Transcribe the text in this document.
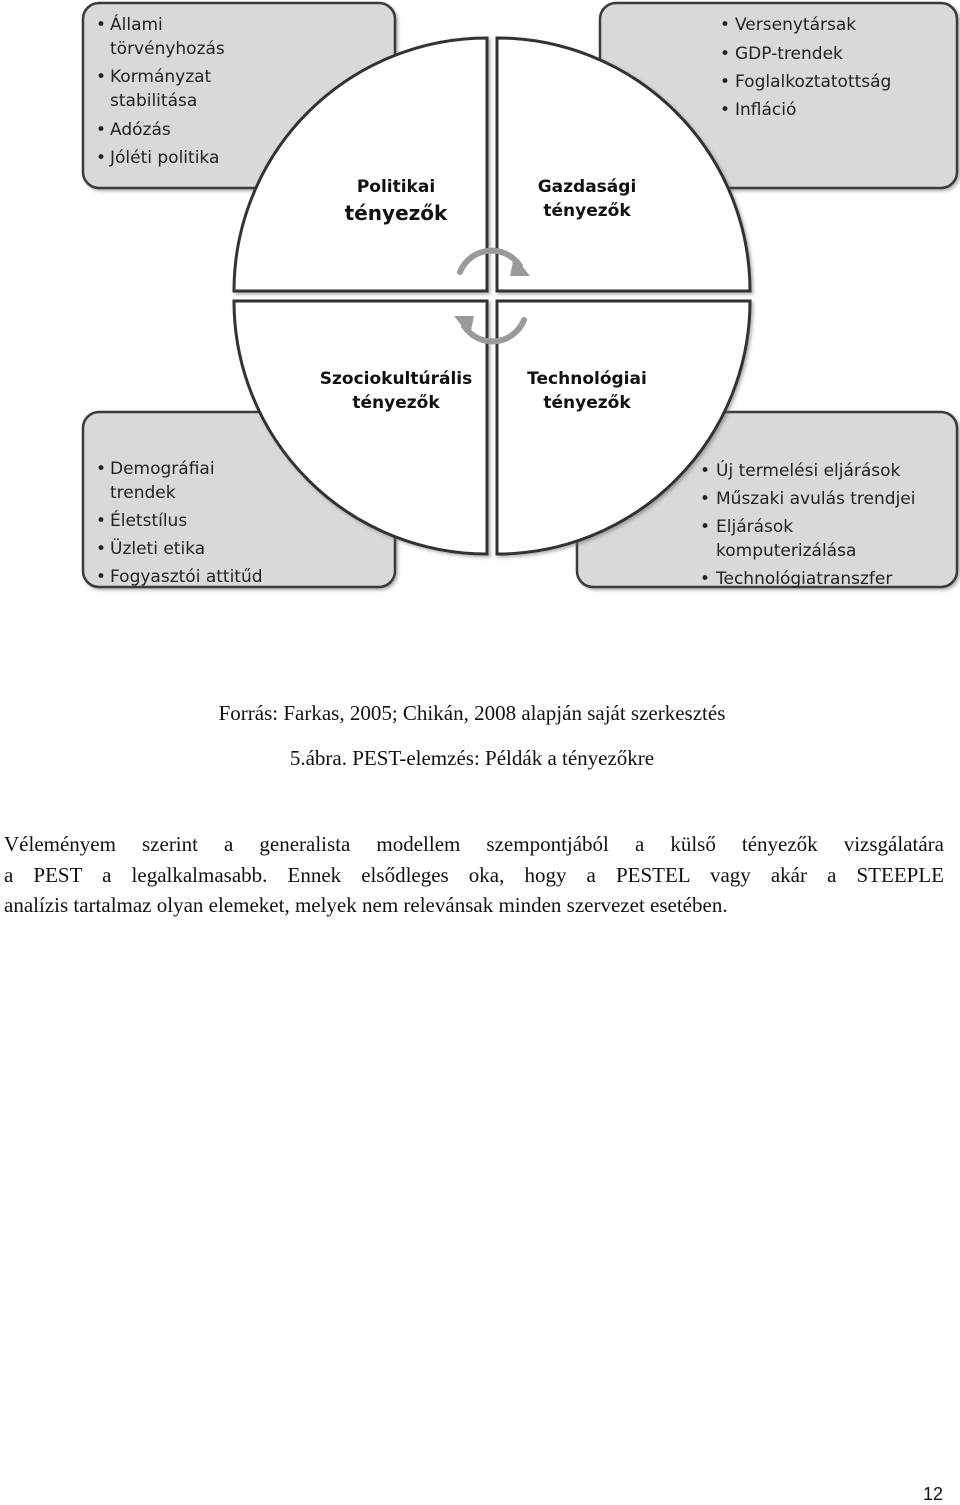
• Állami
törvényhozás
• Kormányzat
stabilitása
• Adózás
• Jóléti politika
• Versenytársak
• GDP-trendek
• Foglalkoztatottság
• Infláció
• Demográfiai
trendek
• Életstílus
• Üzleti etika
• Fogyasztói attitűd
• Új termelési eljárások
• Műszaki avulás trendjei
• Eljárások
komputerizálása
• Technológiatranszfer
Politikai
tényezők
Gazdasági
tényezők
Szociokultúrális
tényezők
Technológiai
tényezők
Forrás: Farkas, 2005; Chikán, 2008 alapján saját szerkesztés
5.ábra. PEST-elemzés: Példák a tényezőkre
Véleményem szerint a generalista modellem szempontjából a külső tényezők vizsgálatára
a PEST a legalkalmasabb. Ennek elsődleges oka, hogy a PESTEL vagy akár a STEEPLE
analízis tartalmaz olyan elemeket, melyek nem relevánsak minden szervezet esetében.
12
